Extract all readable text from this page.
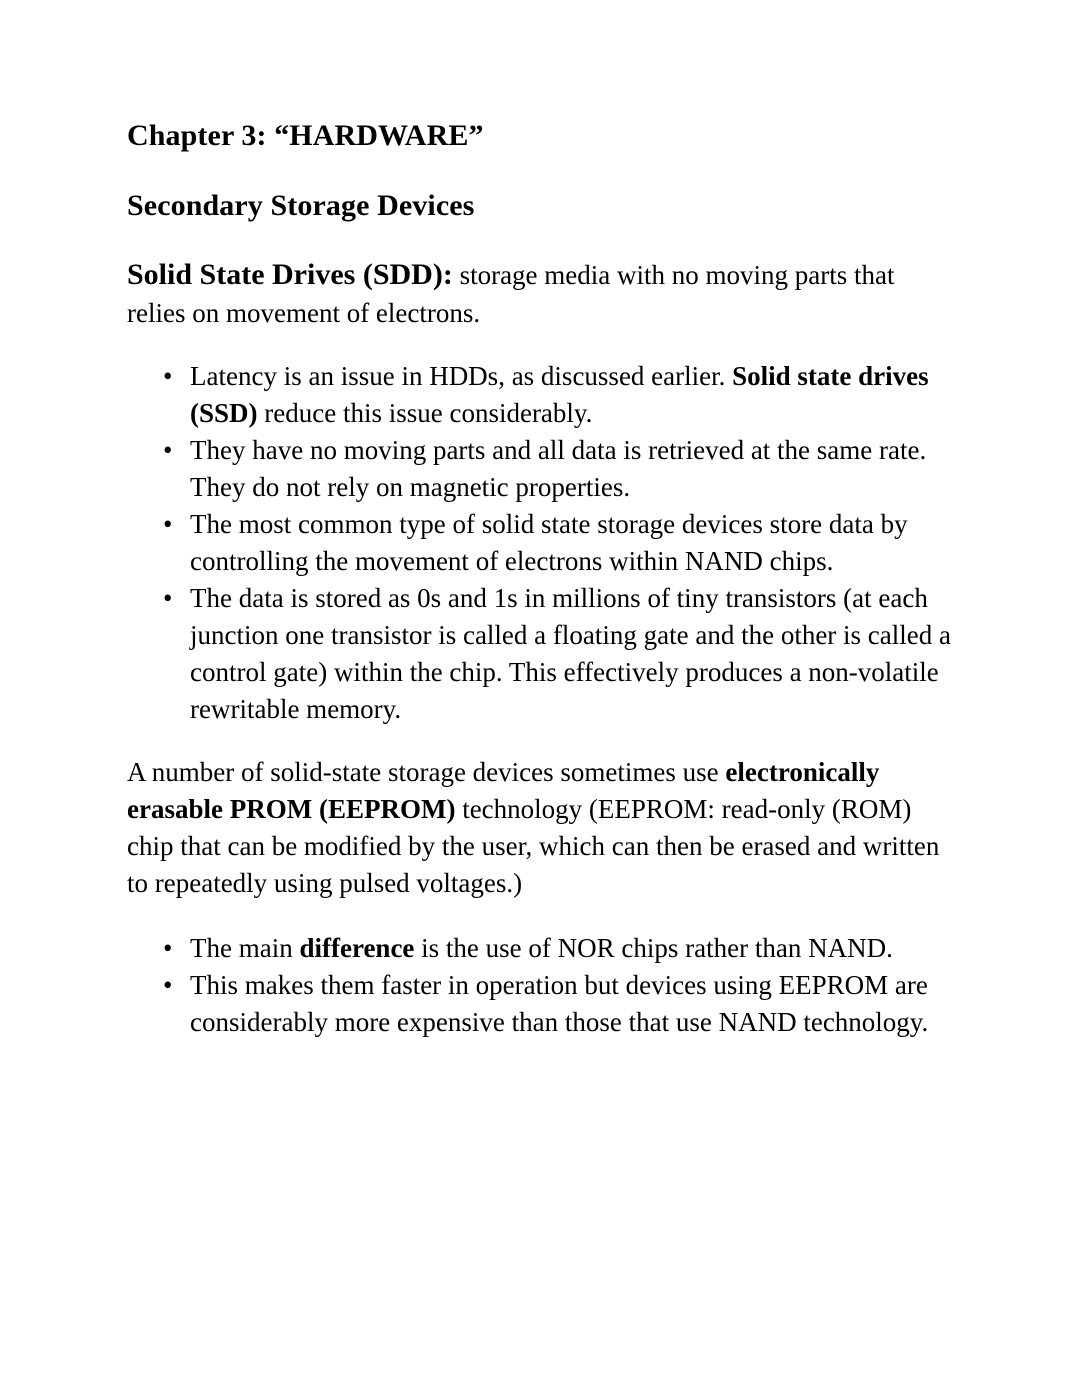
Chapter 3: “HARDWARE”
Secondary Storage Devices

Solid State Drives (SDD): storage media with no moving parts that relies on movement of electrons.

• Latency is an issue in HDDs, as discussed earlier. Solid state drives (SSD) reduce this issue considerably.
• They have no moving parts and all data is retrieved at the same rate. They do not rely on magnetic properties.
• The most common type of solid state storage devices store data by controlling the movement of electrons within NAND chips.
• The data is stored as 0s and 1s in millions of tiny transistors (at each junction one transistor is called a floating gate and the other is called a control gate) within the chip. This effectively produces a non-volatile rewritable memory.

A number of solid-state storage devices sometimes use electronically erasable PROM (EEPROM) technology (EEPROM: read-only (ROM) chip that can be modified by the user, which can then be erased and written to repeatedly using pulsed voltages.)

• The main difference is the use of NOR chips rather than NAND.
• This makes them faster in operation but devices using EEPROM are considerably more expensive than those that use NAND technology.
